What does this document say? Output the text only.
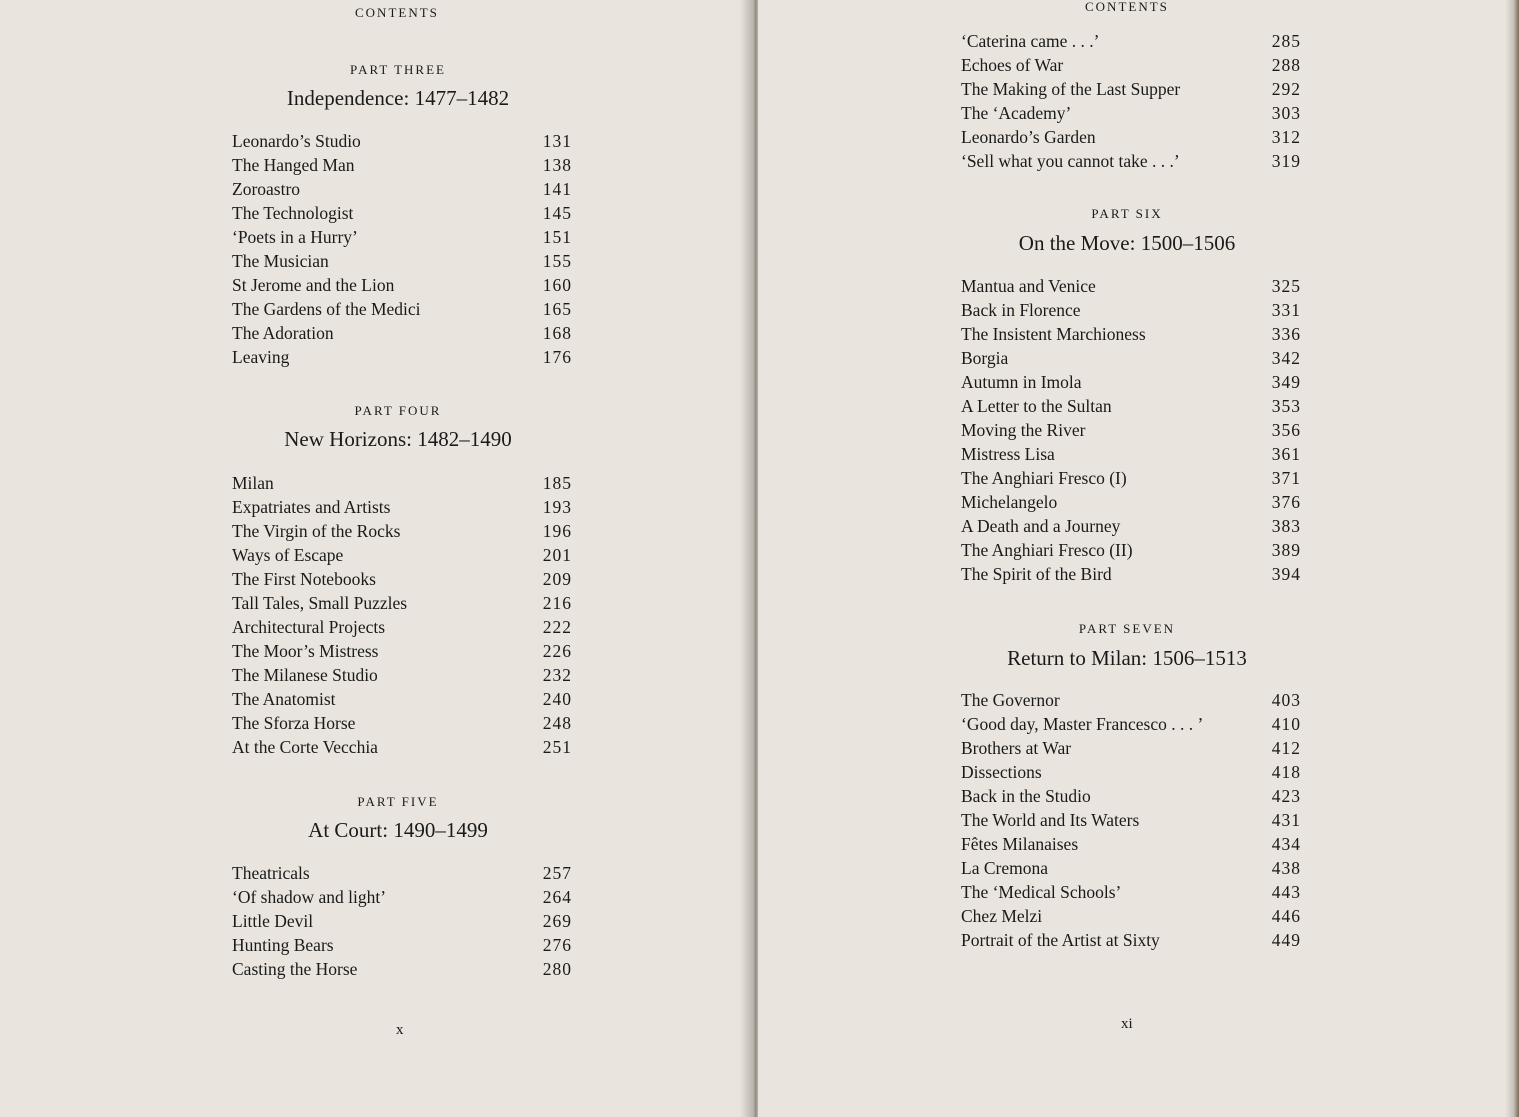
CONTENTS
PART THREE
Independence: 1477–1482
Leonardo’s Studio	131
The Hanged Man	138
Zoroastro	141
The Technologist	145
‘Poets in a Hurry’	151
The Musician	155
St Jerome and the Lion	160
The Gardens of the Medici	165
The Adoration	168
Leaving	176
PART FOUR
New Horizons: 1482–1490
Milan	185
Expatriates and Artists	193
The Virgin of the Rocks	196
Ways of Escape	201
The First Notebooks	209
Tall Tales, Small Puzzles	216
Architectural Projects	222
The Moor’s Mistress	226
The Milanese Studio	232
The Anatomist	240
The Sforza Horse	248
At the Corte Vecchia	251
PART FIVE
At Court: 1490–1499
Theatricals	257
‘Of shadow and light’	264
Little Devil	269
Hunting Bears	276
Casting the Horse	280
x
CONTENTS
‘Caterina came . . .’	285
Echoes of War	288
The Making of the Last Supper	292
The ‘Academy’	303
Leonardo’s Garden	312
‘Sell what you cannot take . . .’	319
PART SIX
On the Move: 1500–1506
Mantua and Venice	325
Back in Florence	331
The Insistent Marchioness	336
Borgia	342
Autumn in Imola	349
A Letter to the Sultan	353
Moving the River	356
Mistress Lisa	361
The Anghiari Fresco (I)	371
Michelangelo	376
A Death and a Journey	383
The Anghiari Fresco (II)	389
The Spirit of the Bird	394
PART SEVEN
Return to Milan: 1506–1513
The Governor	403
‘Good day, Master Francesco . . . ’	410
Brothers at War	412
Dissections	418
Back in the Studio	423
The World and Its Waters	431
Fêtes Milanaises	434
La Cremona	438
The ‘Medical Schools’	443
Chez Melzi	446
Portrait of the Artist at Sixty	449
xi
